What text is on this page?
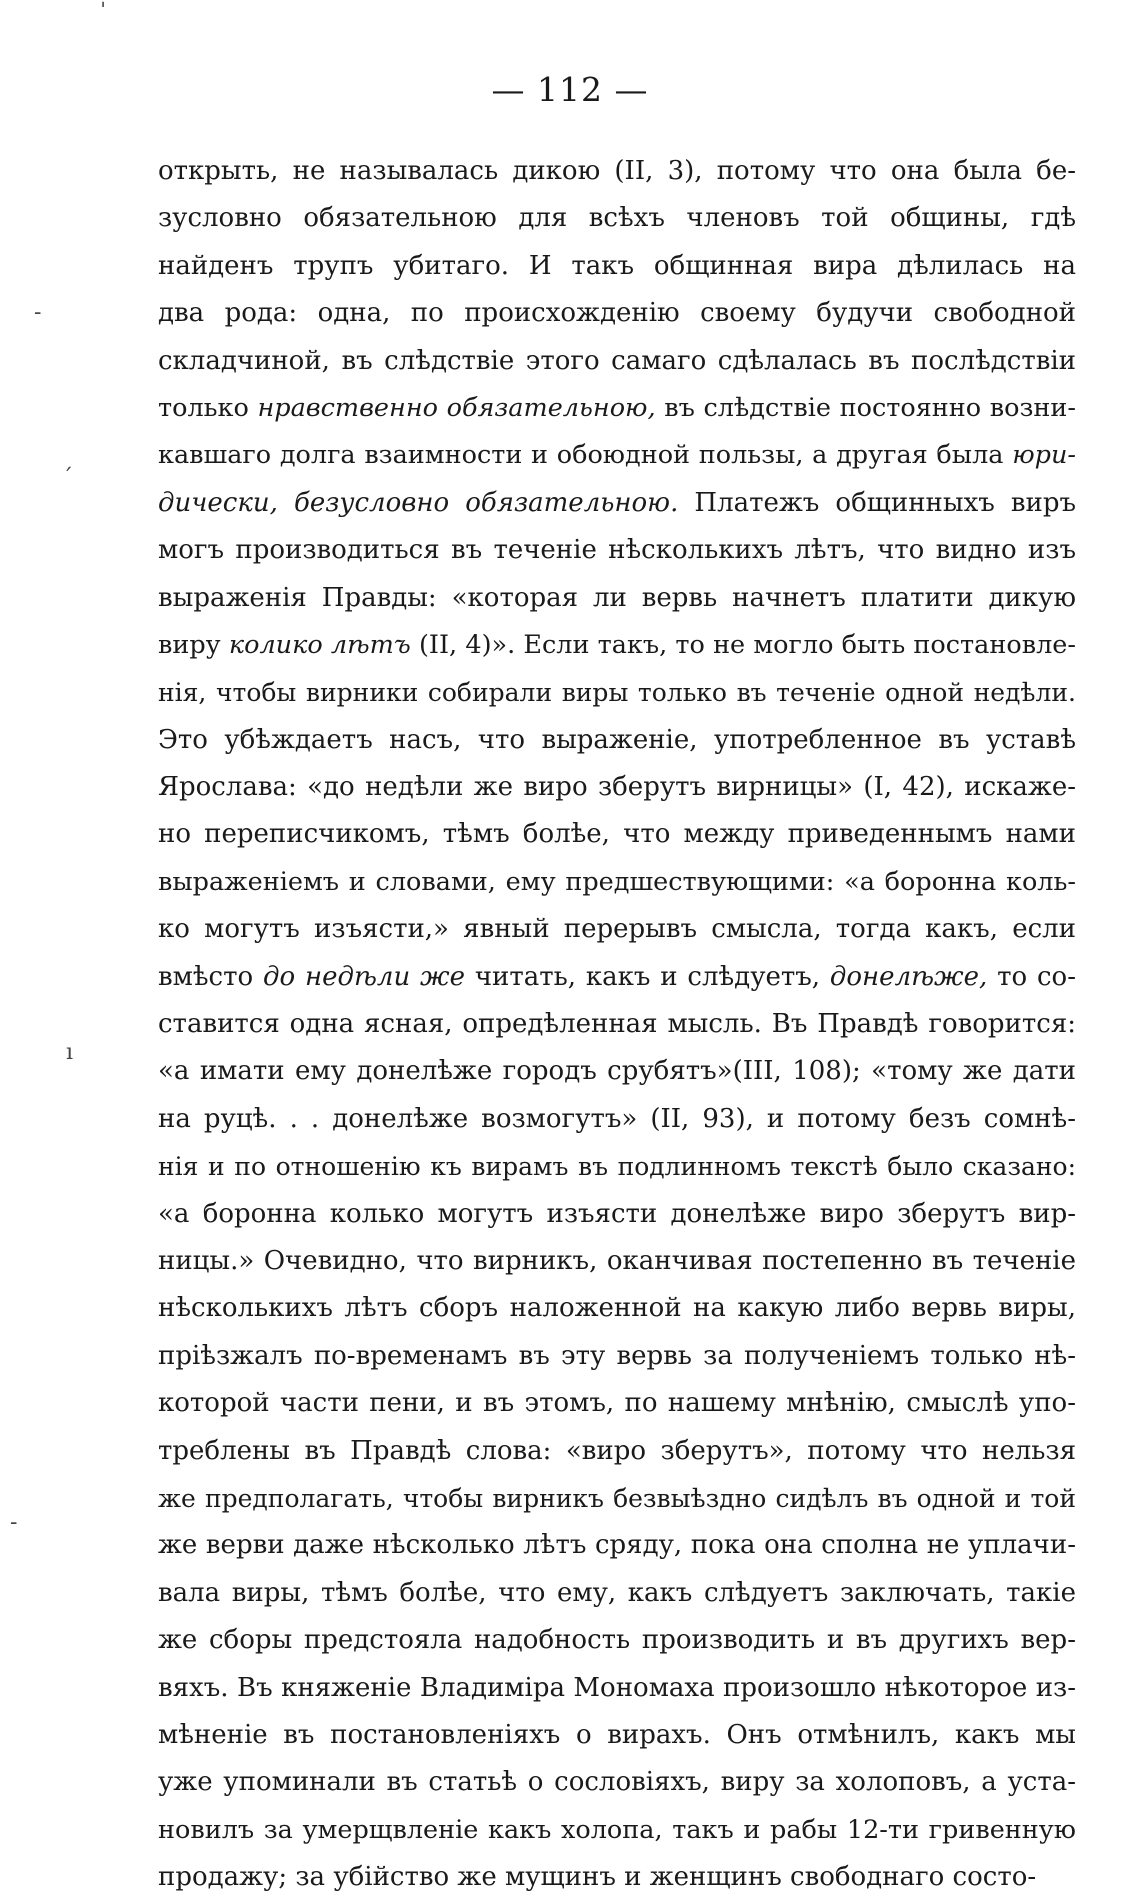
ˈ
-
ˊ
ı
-
— 112 —
открыть, не называлась дикою (II, 3), потому что она была бе-
зусловно обязательною для всѣхъ членовъ той общины, гдѣ
найденъ трупъ убитаго. И такъ общинная вира дѣлилась на
два рода: одна, по происхожденію своему будучи свободной
складчиной, въ слѣдствіе этого самаго сдѣлалась въ послѣдствіи
только нравственно обязательною, въ слѣдствіе постоянно возни-
кавшаго долга взаимности и обоюдной пользы, а другая была юри-
дически, безусловно обязательною. Платежъ общинныхъ виръ
могъ производиться въ теченіе нѣсколькихъ лѣтъ, что видно изъ
выраженія Правды: «которая ли вервь начнетъ платити дикую
виру колико лѣтъ (II, 4)». Если такъ, то не могло быть постановле-
нія, чтобы вирники собирали виры только въ теченіе одной недѣли.
Это убѣждаетъ насъ, что выраженіе, употребленное въ уставѣ
Ярослава: «до недѣли же виро зберутъ вирницы» (I, 42), искаже-
но переписчикомъ, тѣмъ болѣе, что между приведеннымъ нами
выраженіемъ и словами, ему предшествующими: «а боронна коль-
ко могутъ изъясти,» явный перерывъ смысла, тогда какъ, если
вмѣсто до недѣли же читать, какъ и слѣдуетъ, донелѣже, то со-
ставится одна ясная, опредѣленная мысль. Въ Правдѣ говорится:
«а имати ему донелѣже городъ срубятъ»(III, 108); «тому же дати
на руцѣ. . . донелѣже возмогутъ» (II, 93), и потому безъ сомнѣ-
нія и по отношенію къ вирамъ въ подлинномъ текстѣ было сказано:
«а боронна колько могутъ изъясти донелѣже виро зберутъ вир-
ницы.» Очевидно, что вирникъ, оканчивая постепенно въ теченіе
нѣсколькихъ лѣтъ сборъ наложенной на какую либо вервь виры,
пріѣзжалъ по-временамъ въ эту вервь за полученіемъ только нѣ-
которой части пени, и въ этомъ, по нашему мнѣнію, смыслѣ упо-
треблены въ Правдѣ слова: «виро зберутъ», потому что нельзя
же предполагать, чтобы вирникъ безвыѣздно сидѣлъ въ одной и той
же верви даже нѣсколько лѣтъ сряду, пока она сполна не уплачи-
вала виры, тѣмъ болѣе, что ему, какъ слѣдуетъ заключать, такіе
же сборы предстояла надобность производить и въ другихъ вер-
вяхъ. Въ княженіе Владиміра Мономаха произошло нѣкоторое из-
мѣненіе въ постановленіяхъ о вирахъ. Онъ отмѣнилъ, какъ мы
уже упоминали въ статьѣ о сословіяхъ, виру за холоповъ, а уста-
новилъ за умерщвленіе какъ холопа, такъ и рабы 12-ти гривенную
продажу; за убійство же мущинъ и женщинъ свободнаго состо-
